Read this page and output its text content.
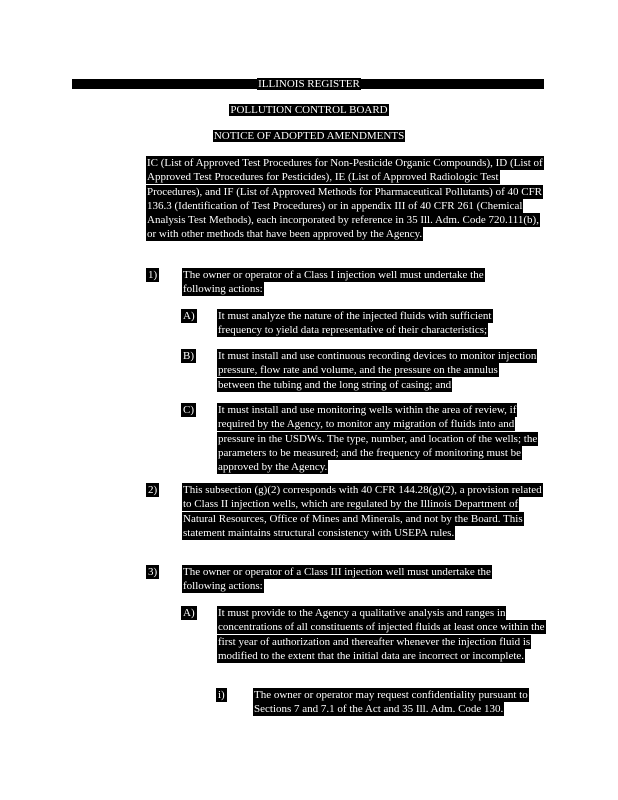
ILLINOIS REGISTER
POLLUTION CONTROL BOARD
NOTICE OF ADOPTED AMENDMENTS
IC (List of Approved Test Procedures for Non-Pesticide Organic Compounds), ID (List of Approved Test Procedures for Pesticides), IE (List of Approved Radiologic Test Procedures), and IF (List of Approved Methods for Pharmaceutical Pollutants) of 40 CFR 136.3 (Identification of Test Procedures) or in appendix III of 40 CFR 261 (Chemical Analysis Test Methods), each incorporated by reference in 35 Ill. Adm. Code 720.111(b), or with other methods that have been approved by the Agency.
1) The owner or operator of a Class I injection well must undertake the following actions:
A) It must analyze the nature of the injected fluids with sufficient frequency to yield data representative of their characteristics;
B) It must install and use continuous recording devices to monitor injection pressure, flow rate and volume, and the pressure on the annulus between the tubing and the long string of casing; and
C) It must install and use monitoring wells within the area of review, if required by the Agency, to monitor any migration of fluids into and pressure in the USDWs. The type, number, and location of the wells; the parameters to be measured; and the frequency of monitoring must be approved by the Agency.
2) This subsection (g)(2) corresponds with 40 CFR 144.28(g)(2), a provision related to Class II injection wells, which are regulated by the Illinois Department of Natural Resources, Office of Mines and Minerals, and not by the Board. This statement maintains structural consistency with USEPA rules.
3) The owner or operator of a Class III injection well must undertake the following actions:
A) It must provide to the Agency a qualitative analysis and ranges in concentrations of all constituents of injected fluids at least once within the first year of authorization and thereafter whenever the injection fluid is modified to the extent that the initial data are incorrect or incomplete.
i)	The owner or operator may request confidentiality pursuant to Sections 7 and 7.1 of the Act and 35 Ill. Adm. Code 130.
